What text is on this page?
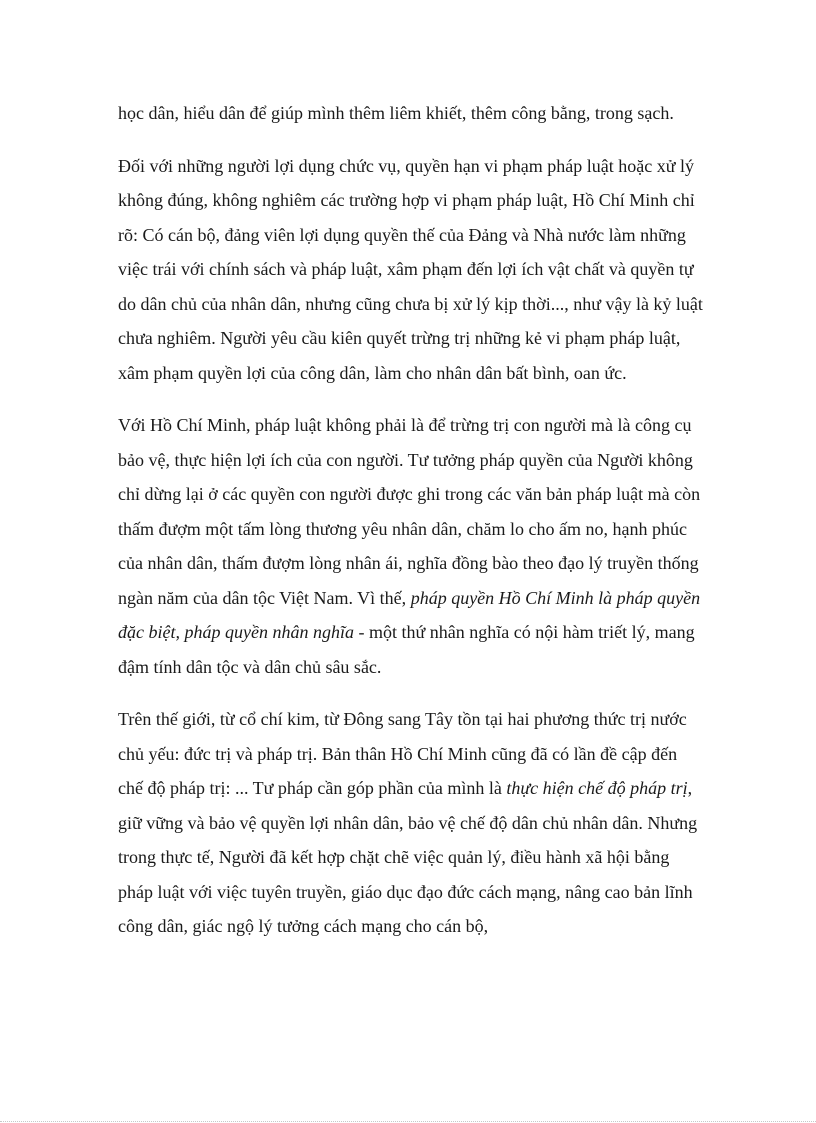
học dân, hiểu dân để giúp mình thêm liêm khiết, thêm công bằng, trong sạch.

Đối với những người lợi dụng chức vụ, quyền hạn vi phạm pháp luật hoặc xử lý không đúng, không nghiêm các trường hợp vi phạm pháp luật, Hồ Chí Minh chỉ rõ: Có cán bộ, đảng viên lợi dụng quyền thế của Đảng và Nhà nước làm những việc trái với chính sách và pháp luật, xâm phạm đến lợi ích vật chất và quyền tự do dân chủ của nhân dân, nhưng cũng chưa bị xử lý kịp thời..., như vậy là kỷ luật chưa nghiêm. Người yêu cầu kiên quyết trừng trị những kẻ vi phạm pháp luật, xâm phạm quyền lợi của công dân, làm cho nhân dân bất bình, oan ức.

Với Hồ Chí Minh, pháp luật không phải là để trừng trị con người mà là công cụ bảo vệ, thực hiện lợi ích của con người. Tư tưởng pháp quyền của Người không chỉ dừng lại ở các quyền con người được ghi trong các văn bản pháp luật mà còn thấm đượm một tấm lòng thương yêu nhân dân, chăm lo cho ấm no, hạnh phúc của nhân dân, thấm đượm lòng nhân ái, nghĩa đồng bào theo đạo lý truyền thống ngàn năm của dân tộc Việt Nam. Vì thế, pháp quyền Hồ Chí Minh là pháp quyền đặc biệt, pháp quyền nhân nghĩa - một thứ nhân nghĩa có nội hàm triết lý, mang đậm tính dân tộc và dân chủ sâu sắc.

Trên thế giới, từ cổ chí kim, từ Đông sang Tây tồn tại hai phương thức trị nước chủ yếu: đức trị và pháp trị. Bản thân Hồ Chí Minh cũng đã có lần đề cập đến chế độ pháp trị: ... Tư pháp cần góp phần của mình là thực hiện chế độ pháp trị, giữ vững và bảo vệ quyền lợi nhân dân, bảo vệ chế độ dân chủ nhân dân. Nhưng trong thực tế, Người đã kết hợp chặt chẽ việc quản lý, điều hành xã hội bằng pháp luật với việc tuyên truyền, giáo dục đạo đức cách mạng, nâng cao bản lĩnh công dân, giác ngộ lý tưởng cách mạng cho cán bộ,
